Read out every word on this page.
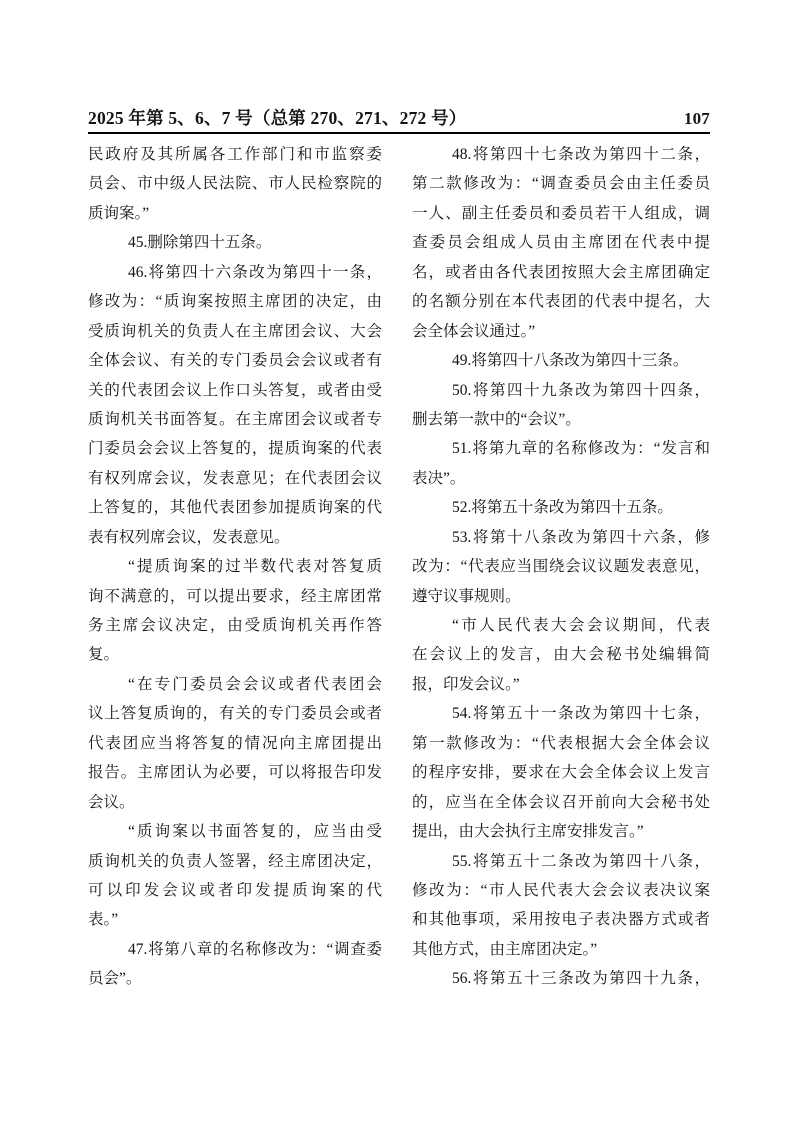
2025 年第 5、6、7 号（总第 270、271、272 号）	107
民政府及其所属各工作部门和市监察委
员会、市中级人民法院、市人民检察院的
质询案。”
45.删除第四十五条。
46.将第四十六条改为第四十一条，
修改为：“质询案按照主席团的决定，由
受质询机关的负责人在主席团会议、大会
全体会议、有关的专门委员会会议或者有
关的代表团会议上作口头答复，或者由受
质询机关书面答复。在主席团会议或者专
门委员会会议上答复的，提质询案的代表
有权列席会议，发表意见；在代表团会议
上答复的，其他代表团参加提质询案的代
表有权列席会议，发表意见。
“提质询案的过半数代表对答复质
询不满意的，可以提出要求，经主席团常
务主席会议决定，由受质询机关再作答
复。
“在专门委员会会议或者代表团会
议上答复质询的，有关的专门委员会或者
代表团应当将答复的情况向主席团提出
报告。主席团认为必要，可以将报告印发
会议。
“质询案以书面答复的，应当由受
质询机关的负责人签署，经主席团决定，
可以印发会议或者印发提质询案的代
表。”
47.将第八章的名称修改为：“调查委
员会”。
48.将第四十七条改为第四十二条，
第二款修改为：“调查委员会由主任委员
一人、副主任委员和委员若干人组成，调
查委员会组成人员由主席团在代表中提
名，或者由各代表团按照大会主席团确定
的名额分别在本代表团的代表中提名，大
会全体会议通过。”
49.将第四十八条改为第四十三条。
50.将第四十九条改为第四十四条，
删去第一款中的“会议”。
51.将第九章的名称修改为：“发言和
表决”。
52.将第五十条改为第四十五条。
53.将第十八条改为第四十六条，修
改为：“代表应当围绕会议议题发表意见，
遵守议事规则。
“市人民代表大会会议期间，代表
在会议上的发言，由大会秘书处编辑简
报，印发会议。”
54.将第五十一条改为第四十七条，
第一款修改为：“代表根据大会全体会议
的程序安排，要求在大会全体会议上发言
的，应当在全体会议召开前向大会秘书处
提出，由大会执行主席安排发言。”
55.将第五十二条改为第四十八条，
修改为：“市人民代表大会会议表决议案
和其他事项，采用按电子表决器方式或者
其他方式，由主席团决定。”
56.将第五十三条改为第四十九条，
